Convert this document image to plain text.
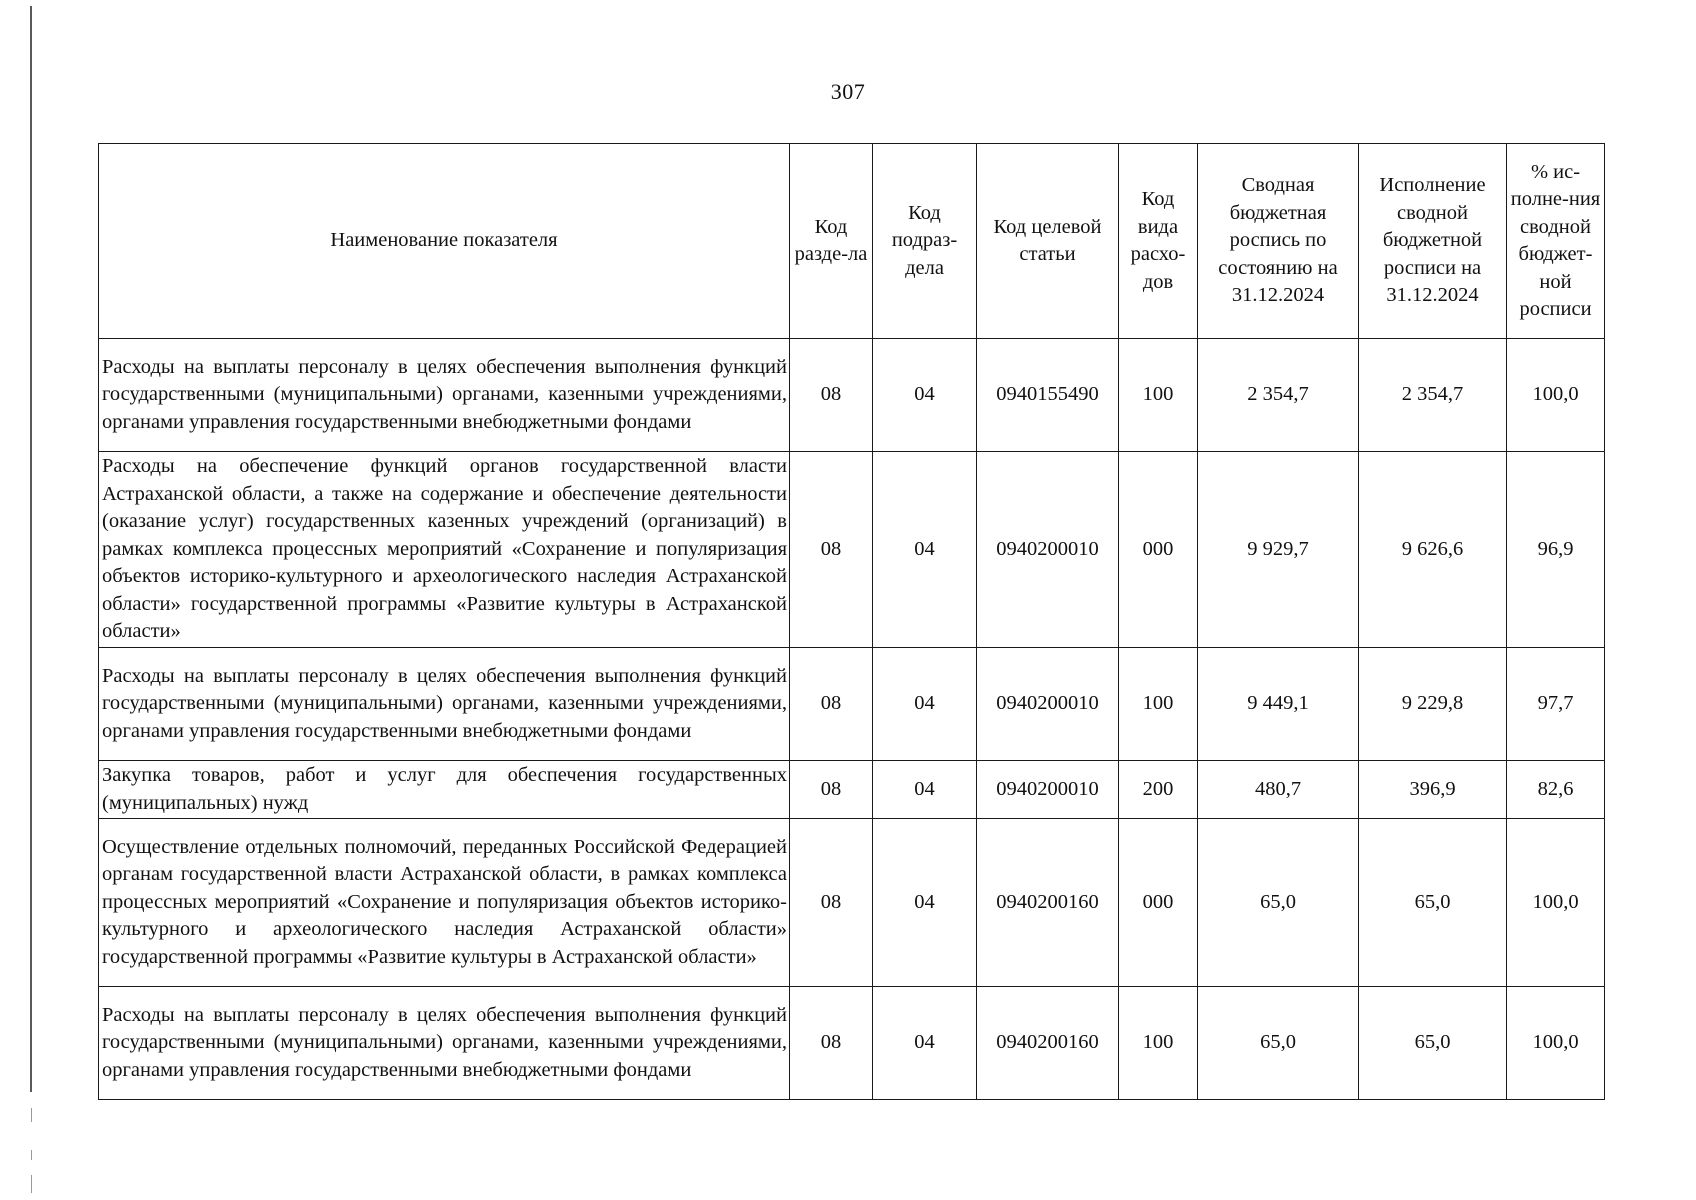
307
Наименование показателя	Код разде-ла	Код подраз-дела	Код целевой статьи	Код вида расхо-дов	Сводная бюджетная роспись по состоянию на 31.12.2024	Исполнение сводной бюджетной росписи на 31.12.2024	% ис-полне-ния сводной бюджет-ной росписи

Расходы на выплаты персоналу в целях обеспечения выполнения функций государственными (муниципальными) органами, казенными учреждениями, органами управления государственными внебюджетными фондами	08	04	0940155490	100	2 354,7	2 354,7	100,0
Расходы на обеспечение функций органов государственной власти Астраханской области, а также на содержание и обеспечение деятельности (оказание услуг) государственных казенных учреждений (организаций) в рамках комплекса процессных мероприятий «Сохранение и популяризация объектов историко-культурного и археологического наследия Астраханской области» государственной программы «Развитие культуры в Астраханской области»	08	04	0940200010	000	9 929,7	9 626,6	96,9
Расходы на выплаты персоналу в целях обеспечения выполнения функций государственными (муниципальными) органами, казенными учреждениями, органами управления государственными внебюджетными фондами	08	04	0940200010	100	9 449,1	9 229,8	97,7
Закупка товаров, работ и услуг для обеспечения государственных (муниципальных) нужд	08	04	0940200010	200	480,7	396,9	82,6
Осуществление отдельных полномочий, переданных Российской Федерацией органам государственной власти Астраханской области, в рамках комплекса процессных мероприятий «Сохранение и популяризация объектов историко-культурного и археологического наследия Астраханской области» государственной программы «Развитие культуры в Астраханской области»	08	04	0940200160	000	65,0	65,0	100,0
Расходы на выплаты персоналу в целях обеспечения выполнения функций государственными (муниципальными) органами, казенными учреждениями, органами управления государственными внебюджетными фондами	08	04	0940200160	100	65,0	65,0	100,0
